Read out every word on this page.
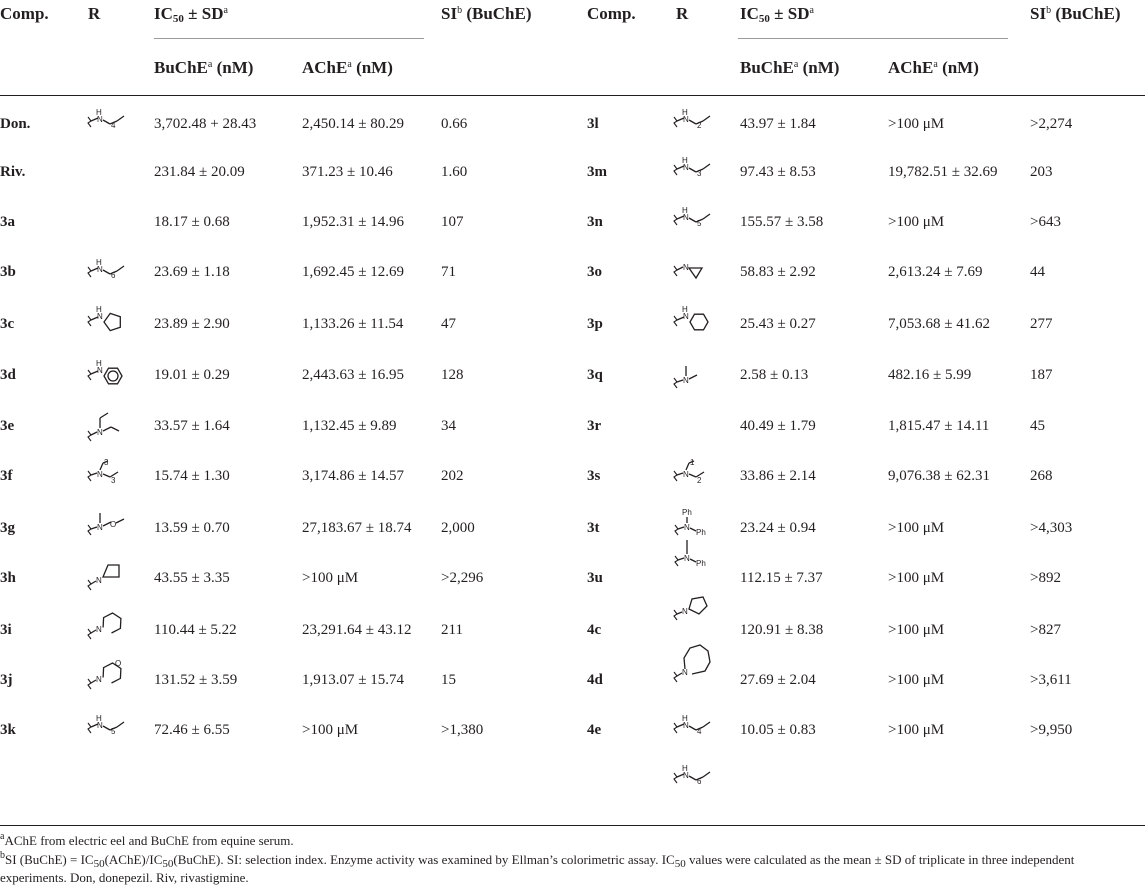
Comp. R	$IC_{50} \pm SD^a$	$SI^b$ (BuChE)
BuChE$^a$ (nM)	AChE$^a$ (nM)
Comp. R	$IC_{50} \pm SD^a$	$SI^b$ (BuChE)
BuChE$^a$ (nM)	AChE$^a$ (nM)
Don.	3,702.48 + 28.43	2,450.14 ± 80.29 0.66
Riv.	231.84 ± 20.09	371.23 ± 10.46	1.60
3a	18.17 ± 0.68	1,952.31 ± 14.96 107
3b	23.69 ± 1.18	1,692.45 ± 12.69 71
3c	23.89 ± 2.90	1,133.26 ± 11.54	47
3d	19.01 ± 0.29	2,443.63 ± 16.95 128
3e	33.57 ± 1.64	1,132.45 ± 9.89	34
3f	15.74 ± 1.30	3,174.86 ± 14.57 202
3g	13.59 ± 0.70	27,183.67 ± 18.74 2,000
3h	43.55 ± 3.35	>100 μM	>2,296
3i	110.44 ± 5.22	23,291.64 ± 43.12 211
3j	131.52 ± 3.59	1,913.07 ± 15.74 15
3k	72.46 ± 6.55	>100 μM	>1,380
3l	43.97 ± 1.84	>100 μM	>2,274
3m	97.43 ± 8.53	19,782.51 ± 32.69 203
3n	155.57 ± 3.58	>100 μM	>643
3o	58.83 ± 2.92	2,613.24 ± 7.69	44
3p	25.43 ± 0.27	7,053.68 ± 41.62	277
3q	2.58 ± 0.13	482.16 ± 5.99	187
3r	40.49 ± 1.79	1,815.47 ± 14.11	45
3s	33.86 ± 2.14	9,076.38 ± 62.31	268
3t	23.24 ± 0.94	>100 μM	>4,303
3u	112.15 ± 7.37	>100 μM	>892
4c	120.91 ± 8.38	>100 μM	>827
4d	27.69 ± 2.04	>100 μM	>3,611
4e	10.05 ± 0.83	>100 μM	>9,950
H
N
4
H
N
6
H
N
H
N
N
N
3
3
N O
N
N
N
O
H
N
5
H
N
2
H
N
3
H
N
5
N
H
N
N
N
1
2
N
Ph
Ph
N
Ph
N
N
H
N
4
H
N
6
$^a$AChE from electric eel and BuChE from equine serum.
$^b$SI (BuChE) = $IC_{50}(AChE)/IC_{50}(BuChE)$. SI: selection index. Enzyme activity was examined by Ellman’s colorimetric assay. $IC_{50}$ values were calculated as the mean ± SD of triplicate in three independent experiments. Don, donepezil. Riv, rivastigmine.
